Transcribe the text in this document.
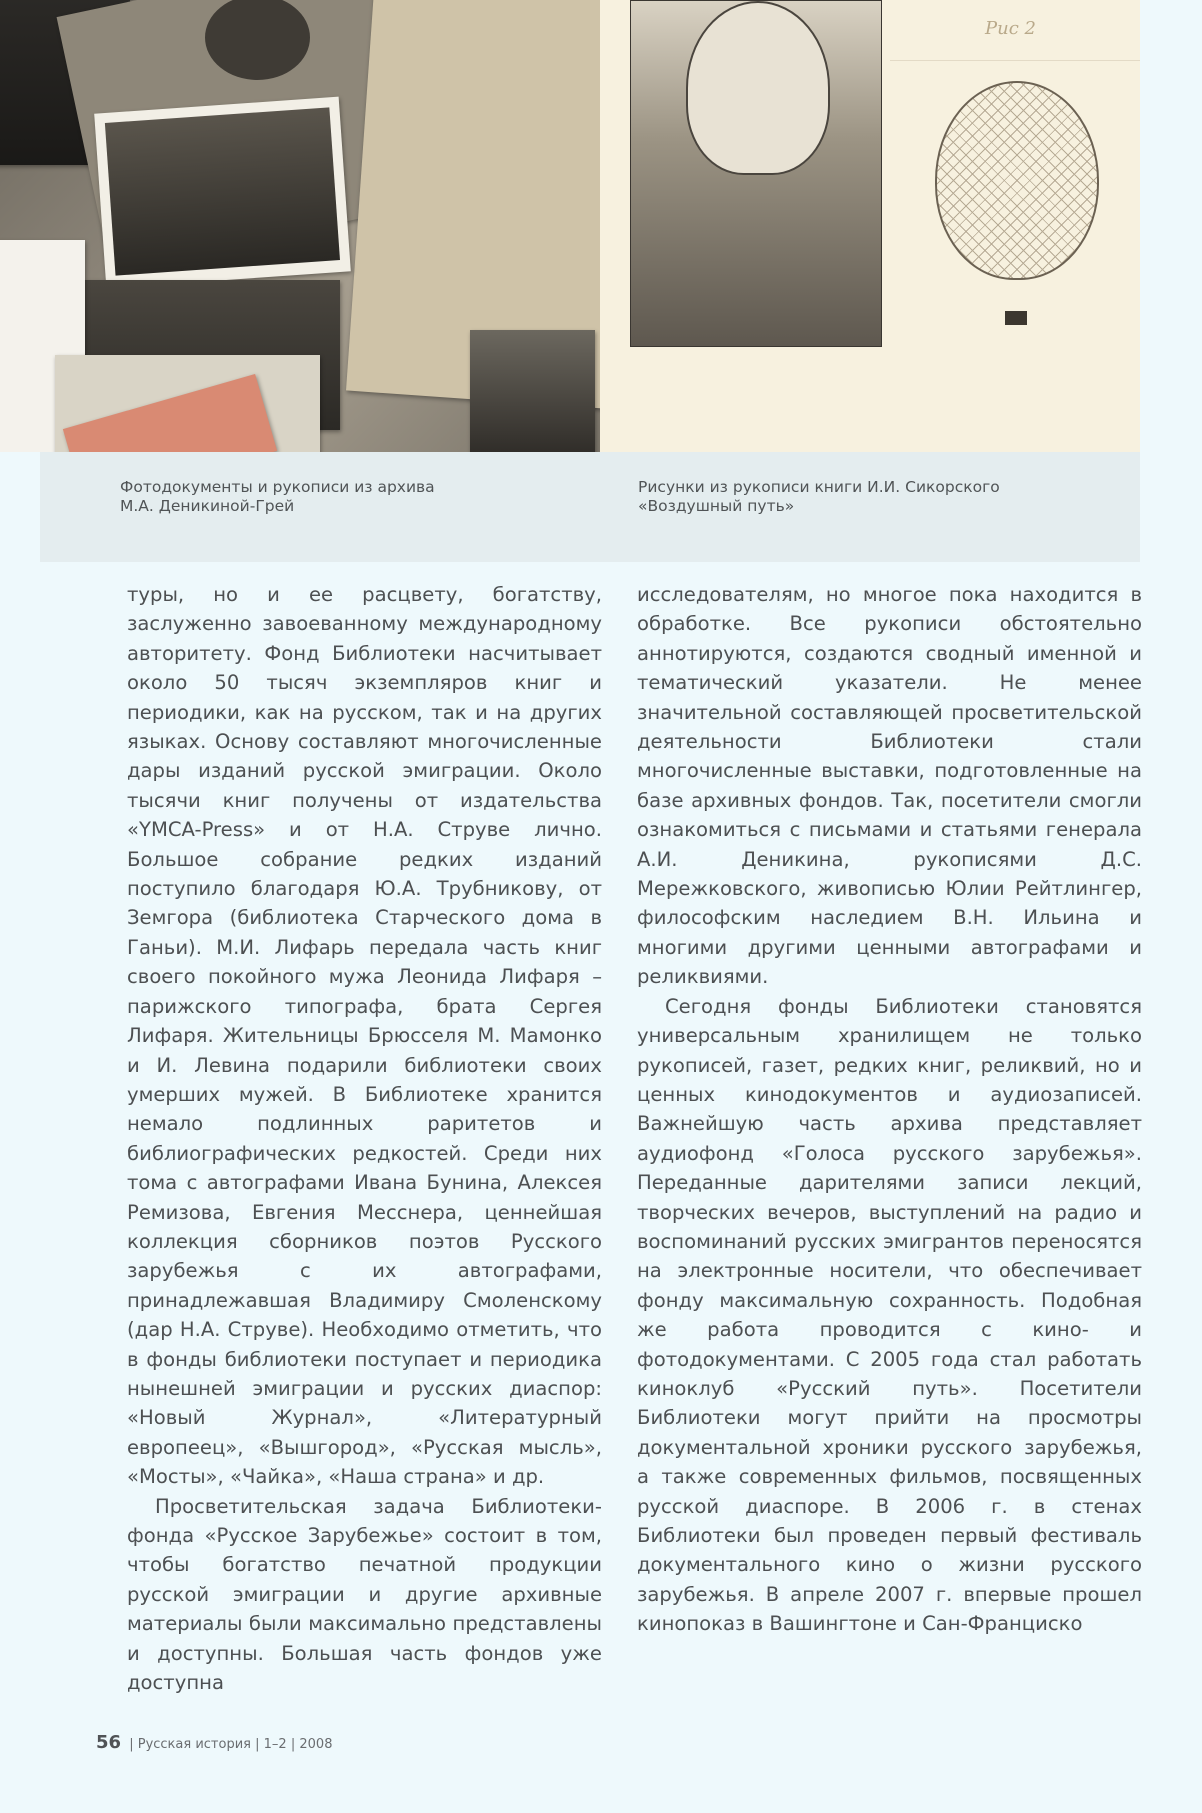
Рис 2
Фотодокументы и рукописи из архива
М.А. Деникиной-Грей
Рисунки из рукописи книги И.И. Сикорского
«Воздушный путь»

туры, но и ее расцвету, богатству, заслуженно завоеванному международному авторитету. Фонд Библиотеки насчитывает около 50 тысяч экземпляров книг и периодики, как на русском, так и на других языках. Основу составляют многочисленные дары изданий русской эмиграции. Около тысячи книг получены от издательства «YMCA-Press» и от Н.А. Струве лично. Большое собрание редких изданий поступило благодаря Ю.А. Трубникову, от Земгора (библиотека Старческого дома в Ганьи). М.И. Лифарь передала часть книг своего покойного мужа Леонида Лифаря – парижского типографа, брата Сергея Лифаря. Жительницы Брюсселя М. Мамонко и И. Левина подарили библиотеки своих умерших мужей. В Библиотеке хранится немало подлинных раритетов и библиографических редкостей. Среди них тома с автографами Ивана Бунина, Алексея Ремизова, Евгения Месснера, ценнейшая коллекция сборников поэтов Русского зарубежья с их автографами, принадлежавшая Владимиру Смоленскому (дар Н.А. Струве). Необходимо отметить, что в фонды библиотеки поступает и периодика нынешней эмиграции и русских диаспор: «Новый Журнал», «Литературный европеец», «Вышгород», «Русская мысль», «Мосты», «Чайка», «Наша страна» и др.

Просветительская задача Библиотеки-фонда «Русское Зарубежье» состоит в том, чтобы богатство печатной продукции русской эмиграции и другие архивные материалы были максимально представлены и доступны. Большая часть фондов уже доступна

исследователям, но многое пока находится в обработке. Все рукописи обстоятельно аннотируются, создаются сводный именной и тематический указатели. Не менее значительной составляющей просветительской деятельности Библиотеки стали многочисленные выставки, подготовленные на базе архивных фондов. Так, посетители смогли ознакомиться с письмами и статьями генерала А.И. Деникина, рукописями Д.С. Мережковского, живописью Юлии Рейтлингер, философским наследием В.Н. Ильина и многими другими ценными автографами и реликвиями.

Сегодня фонды Библиотеки становятся универсальным хранилищем не только рукописей, газет, редких книг, реликвий, но и ценных кинодокументов и аудиозаписей. Важнейшую часть архива представляет аудиофонд «Голоса русского зарубежья». Переданные дарителями записи лекций, творческих вечеров, выступлений на радио и воспоминаний русских эмигрантов переносятся на электронные носители, что обеспечивает фонду максимальную сохранность. Подобная же работа проводится с кино- и фотодокументами. С 2005 года стал работать киноклуб «Русский путь». Посетители Библиотеки могут прийти на просмотры документальной хроники русского зарубежья, а также современных фильмов, посвященных русской диаспоре. В 2006 г. в стенах Библиотеки был проведен первый фестиваль документального кино о жизни русского зарубежья. В апреле 2007 г. впервые прошел кинопоказ в Вашингтоне и Сан-Франциско

56 | Русская история | 1–2 | 2008
